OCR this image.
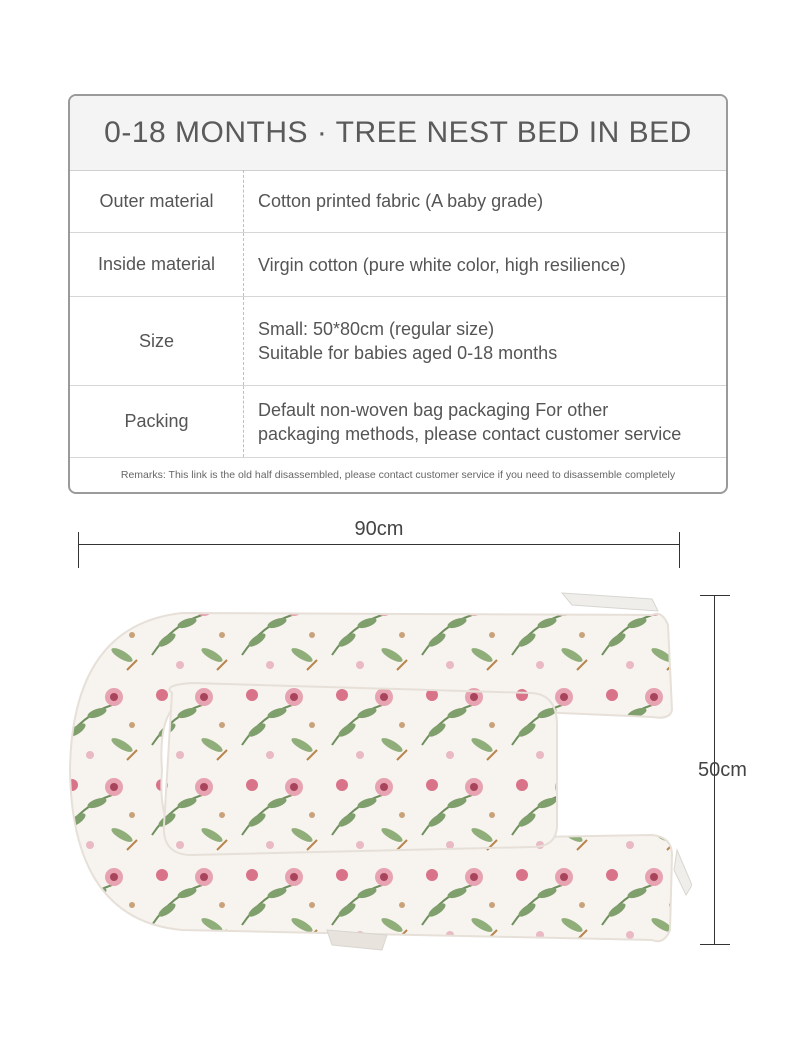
0-18 MONTHS · TREE NEST BED IN BED
Outer material	Cotton printed fabric (A baby grade)
Inside material	Virgin cotton (pure white color, high resilience)
Size
Small: 50*80cm (regular size)
Suitable for babies aged 0-18 months
Packing
Default non-woven bag packaging For other
packaging methods, please contact customer service
Remarks: This link is the old half disassembled, please contact customer service if you need to disassemble completely
90cm
50cm
